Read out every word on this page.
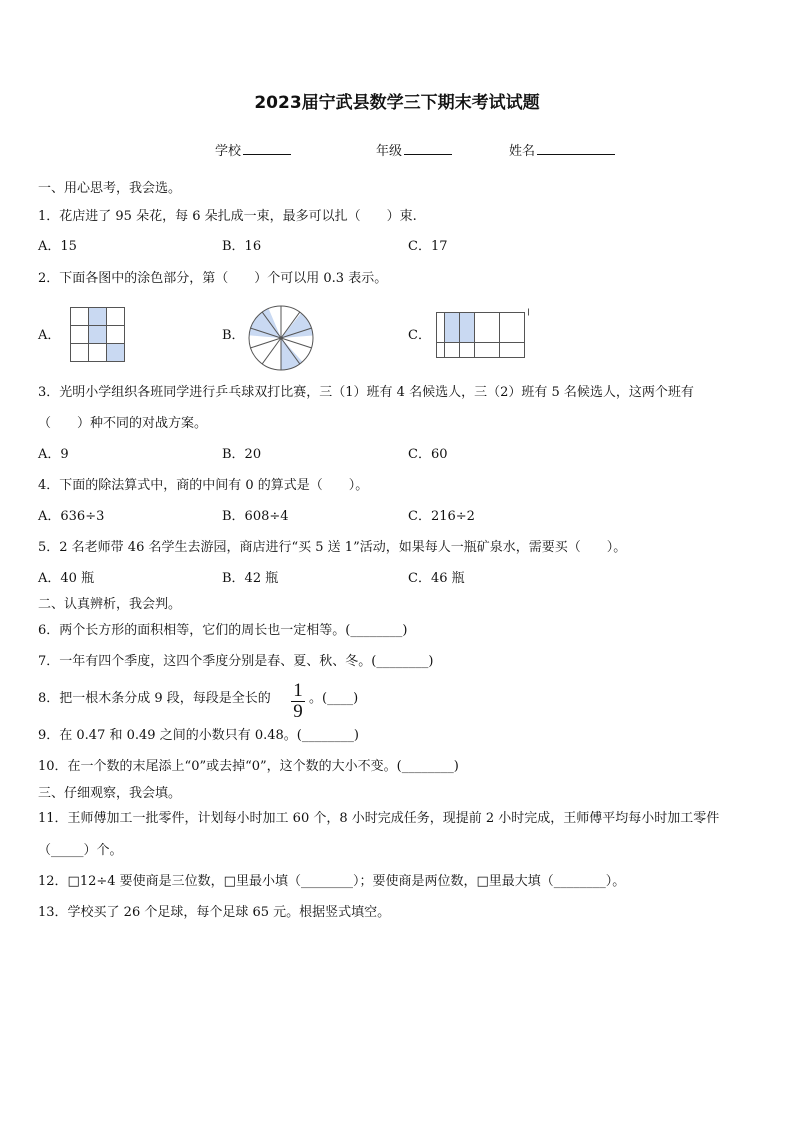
2023届宁武县数学三下期末考试试题
学校	年级	姓名
一、用心思考，我会选。
1．花店进了 95 朵花，每 6 朵扎成一束，最多可以扎（　　）束.
A．15	B．16	C．17
2．下面各图中的涂色部分，第（　　）个可以用 0.3 表示。
A．	B．	C．
3．光明小学组织各班同学进行乒乓球双打比赛，三（1）班有 4 名候选人，三（2）班有 5 名候选人，这两个班有
（　　）种不同的对战方案。
A．9	B．20	C．60
4．下面的除法算式中，商的中间有 0 的算式是（　　）。
A．636÷3	B．608÷4	C．216÷2
5．2 名老师带 46 名学生去游园，商店进行“买 5 送 1”活动，如果每人一瓶矿泉水，需要买（　　）。
A．40 瓶	B．42 瓶	C．46 瓶
二、认真辨析，我会判。
6．两个长方形的面积相等，它们的周长也一定相等。(________)
7．一年有四个季度，这四个季度分别是春、夏、秋、冬。(________)
8．把一根木条分成 9 段，每段是全长的 1
9
。(____)
9．在 0.47 和 0.49 之间的小数只有 0.48。(________)
10．在一个数的末尾添上“0”或去掉“0”，这个数的大小不变。(________)
三、仔细观察，我会填。
11．王师傅加工一批零件，计划每小时加工 60 个，8 小时完成任务，现提前 2 小时完成，王师傅平均每小时加工零件
（_____）个。
12．□12÷4 要使商是三位数，□里最小填（________）；要使商是两位数，□里最大填（________）。
13．学校买了 26 个足球，每个足球 65 元。根据竖式填空。
